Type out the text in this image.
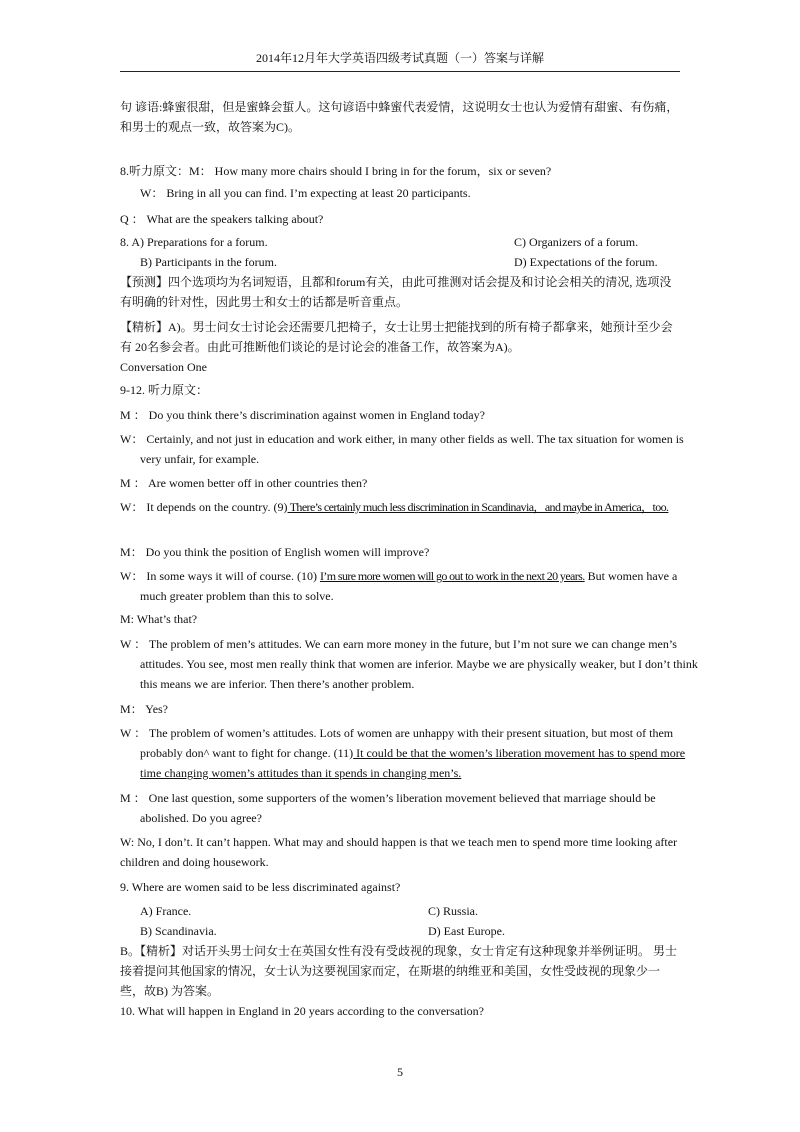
2014年12月年大学英语四级考试真题（一）答案与详解
句 谚语:蜂蜜很甜，但是蜜蜂会蜇人。这句谚语中蜂蜜代表爱情，这说明女士也认为爱情有甜蜜、有伤痛，和男士的观点一致，故答案为C)。
8.听力原文：M： How many more chairs should I bring in for the forum，six or seven?
W： Bring in all you can find. I’m expecting at least 20 participants.
Q ： What are the speakers talking about?
8. A) Preparations for a forum.	C) Organizers of a forum.
B) Participants in the forum.	D) Expectations of the forum.
【预测】四个选项均为名词短语，且都和forum有关，由此可推测对话会提及和讨论会相关的清况, 选项没有明确的针对性，因此男士和女士的话都是听音重点。
【精析】A)。男士问女士讨论会还需要几把椅子，女士让男士把能找到的所有椅子都拿来，她预计至少会有 20名参会者。由此可推断他们谈论的是讨论会的准备工作，故答案为A)。
Conversation One
9-12. 听力原文：
M ： Do you think there’s discrimination against women in England today?
W： Certainly, and not just in education and work either, in many other fields as well. The tax situation for women is very unfair, for example.
M ： Are women better off in other countries then?
W： It depends on the country. (9) There’s certainly much less discrimination in Scandinavia，and maybe in America，too.
M： Do you think the position of English women will improve?
W： In some ways it will of course. (10) I’m sure more women will go out to work in the next 20 years. But women have a much greater problem than this to solve.
M: What’s that?
W ： The problem of men’s attitudes. We can earn more money in the future, but I’m not sure we can change men’s attitudes. You see, most men really think that women are inferior. Maybe we are physically weaker, but I don’t think this means we are inferior. Then there’s another problem.
M： Yes?
W ： The problem of women’s attitudes. Lots of women are unhappy with their present situation, but most of them probably don^ want to fight for change. (11) It could be that the women’s liberation movement has to spend more time changing women’s attitudes than it spends in changing men’s.
M ： One last question, some supporters of the women’s liberation movement believed that marriage should be abolished. Do you agree?
W: No, I don’t. It can’t happen. What may and should happen is that we teach men to spend more time looking after children and doing housework.
9. Where are women said to be less discriminated against?
A) France.	C) Russia.
B) Scandinavia.	D) East Europe.
B。【精析】对话开头男士问女士在英国女性有没有受歧视的现象，女士肯定有这种现象并举例证明。 男士接着提问其他国家的情况，女士认为这要视国家而定，在斯堪的纳维亚和美国，女性受歧视的现象少一些，故B) 为答案。
10. What will happen in England in 20 years according to the conversation?
5
